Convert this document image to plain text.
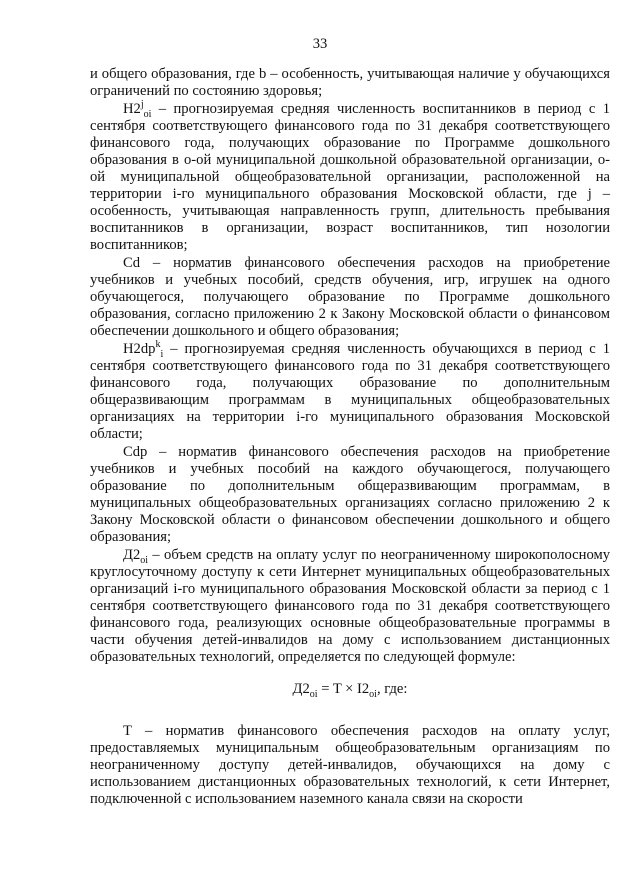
33

и общего образования, где b – особенность, учитывающая наличие у обучающихся ограничений по состоянию здоровья;

$Н2^j_{oi}$ – прогнозируемая средняя численность воспитанников в период с 1 сентября соответствующего финансового года по 31 декабря соответствующего финансового года, получающих образование по Программе дошкольного образования в o-ой муниципальной дошкольной образовательной организации, o-ой муниципальной общеобразовательной организации, расположенной на территории i-го муниципального образования Московской области, где j – особенность, учитывающая направленность групп, длительность пребывания воспитанников в организации, возраст воспитанников, тип нозологии воспитанников;

Cd – норматив финансового обеспечения расходов на приобретение учебников и учебных пособий, средств обучения, игр, игрушек на одного обучающегося, получающего образование по Программе дошкольного образования, согласно приложению 2 к Закону Московской области о финансовом обеспечении дошкольного и общего образования;

$Н2dp^k_i$ – прогнозируемая средняя численность обучающихся в период с 1 сентября соответствующего финансового года по 31 декабря соответствующего финансового года, получающих образование по дополнительным общеразвивающим программам в муниципальных общеобразовательных организациях на территории i-го муниципального образования Московской области;

Cdp – норматив финансового обеспечения расходов на приобретение учебников и учебных пособий на каждого обучающегося, получающего образование по дополнительным общеразвивающим программам, в муниципальных общеобразовательных организациях согласно приложению 2 к Закону Московской области о финансовом обеспечении дошкольного и общего образования;

$Д2_{oi}$ – объем средств на оплату услуг по неограниченному широкополосному круглосуточному доступу к сети Интернет муниципальных общеобразовательных организаций i-го муниципального образования Московской области за период с 1 сентября соответствующего финансового года по 31 декабря соответствующего финансового года, реализующих основные общеобразовательные программы в части обучения детей-инвалидов на дому с использованием дистанционных образовательных технологий, определяется по следующей формуле:

$Д2_{oi} = T \times I2_{oi}$, где:

T – норматив финансового обеспечения расходов на оплату услуг, предоставляемых муниципальным общеобразовательным организациям по неограниченному доступу детей-инвалидов, обучающихся на дому с использованием дистанционных образовательных технологий, к сети Интернет, подключенной с использованием наземного канала связи на скорости
